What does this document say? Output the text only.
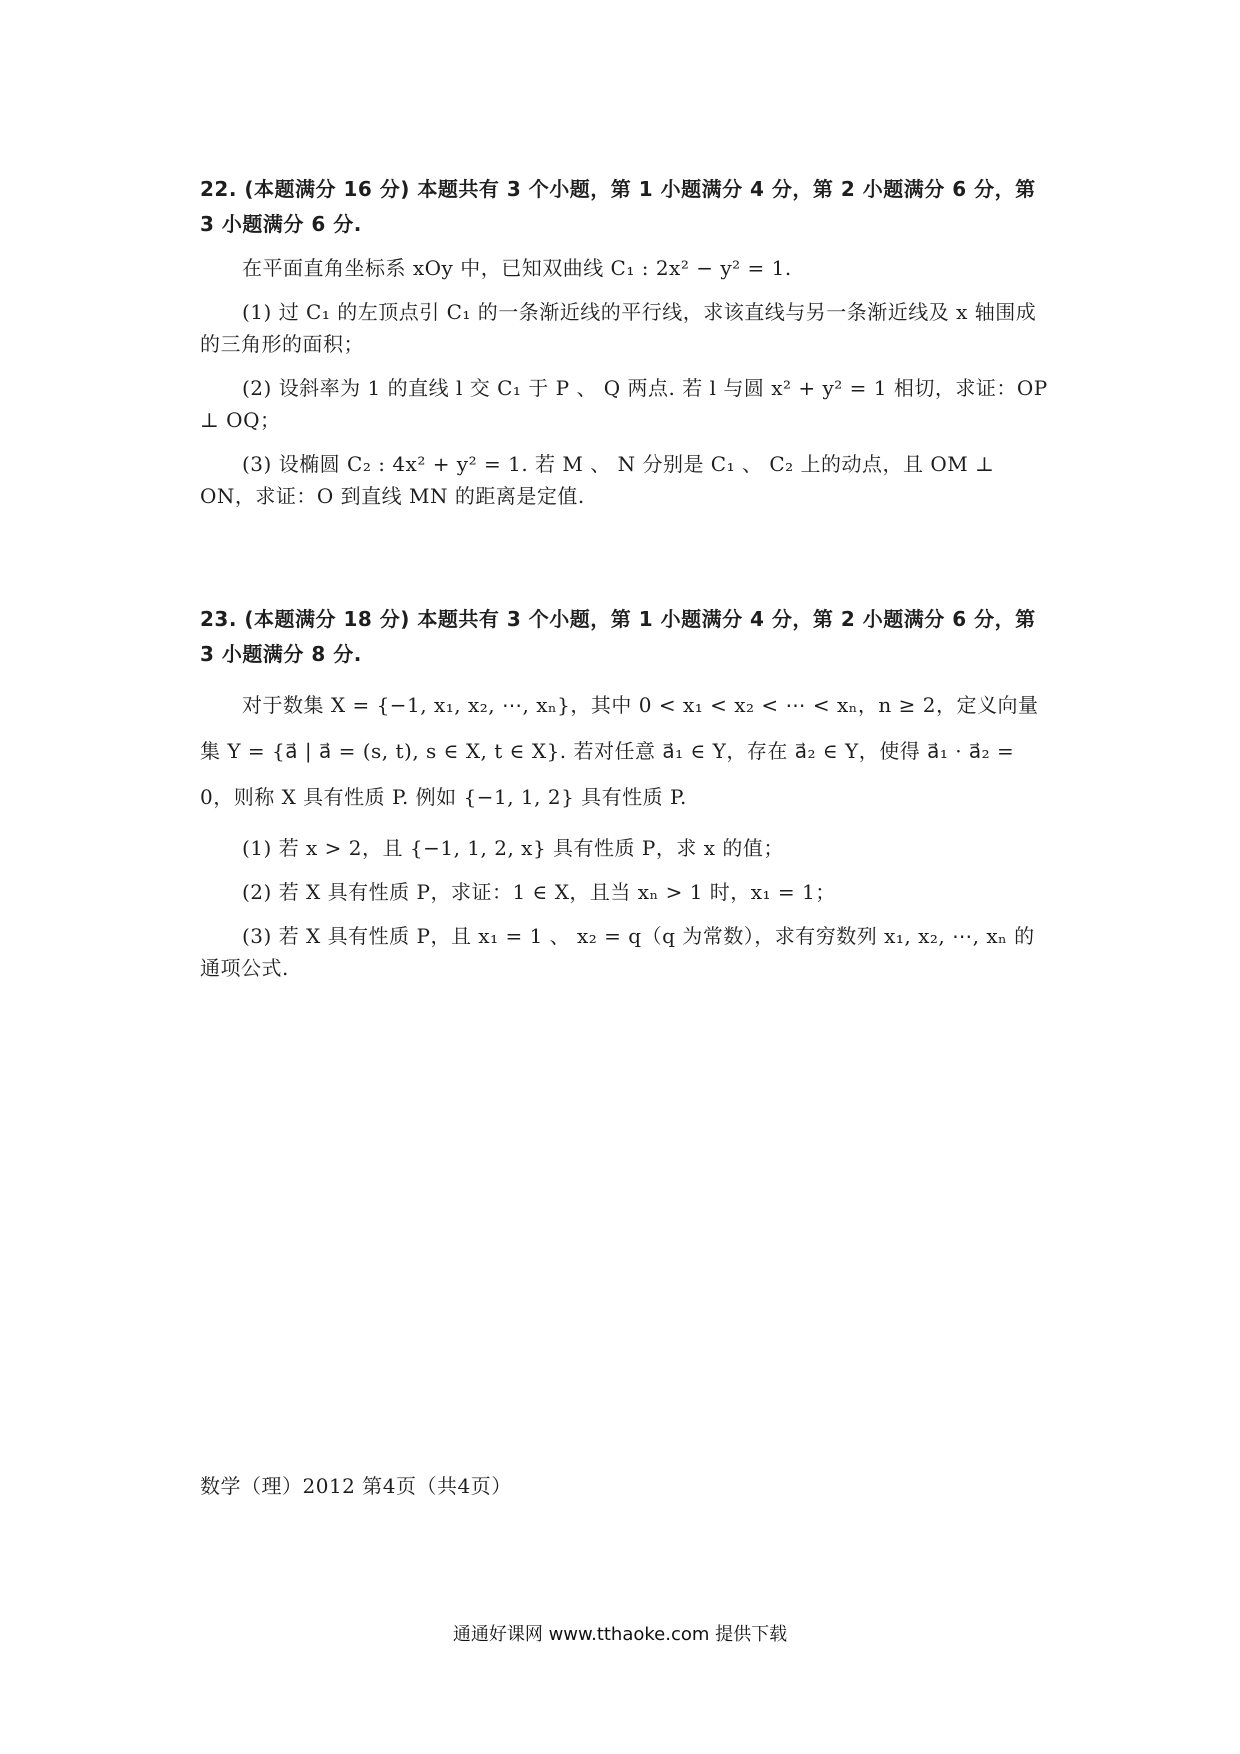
22. (本题满分 16 分) 本题共有 3 个小题，第 1 小题满分 4 分，第 2 小题满分 6 分，第 3 小题满分 6 分.

在平面直角坐标系 xOy 中，已知双曲线 C₁ : 2x² − y² = 1.

(1) 过 C₁ 的左顶点引 C₁ 的一条渐近线的平行线，求该直线与另一条渐近线及 x 轴围成的三角形的面积；

(2) 设斜率为 1 的直线 l 交 C₁ 于 P 、 Q 两点. 若 l 与圆 x² + y² = 1 相切，求证：OP ⊥ OQ；

(3) 设椭圆 C₂ : 4x² + y² = 1. 若 M 、 N 分别是 C₁ 、 C₂ 上的动点，且 OM ⊥ ON，求证：O 到直线 MN 的距离是定值.

23. (本题满分 18 分) 本题共有 3 个小题，第 1 小题满分 4 分，第 2 小题满分 6 分，第 3 小题满分 8 分.

对于数集 X = {−1, x₁, x₂, ⋯, xₙ}，其中 0 < x₁ < x₂ < ⋯ < xₙ，n ≥ 2，定义向量集 Y = {a⃗ | a⃗ = (s, t), s ∈ X, t ∈ X}. 若对任意 a⃗₁ ∈ Y，存在 a⃗₂ ∈ Y，使得 a⃗₁ · a⃗₂ = 0，则称 X 具有性质 P. 例如 {−1, 1, 2} 具有性质 P.

(1) 若 x > 2，且 {−1, 1, 2, x} 具有性质 P，求 x 的值；

(2) 若 X 具有性质 P，求证：1 ∈ X，且当 xₙ > 1 时，x₁ = 1；

(3) 若 X 具有性质 P，且 x₁ = 1 、 x₂ = q（q 为常数），求有穷数列 x₁, x₂, ⋯, xₙ 的通项公式.

数学（理）2012 第4页（共4页）
通通好课网 www.tthaoke.com 提供下载
